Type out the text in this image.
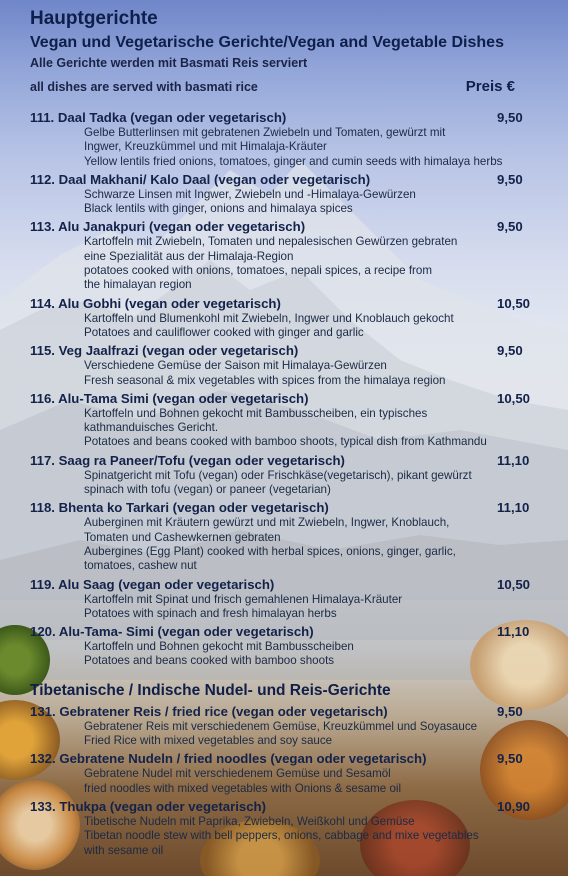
Hauptgerichte
Vegan und Vegetarische Gerichte/Vegan and Vegetable Dishes
Alle Gerichte werden mit Basmati Reis serviert
all dishes are served with basmati rice	Preis €
111. Daal Tadka (vegan oder vegetarisch)	9,50
Gelbe Butterlinsen mit gebratenen Zwiebeln und Tomaten, gewürzt mit
Ingwer, Kreuzkümmel und mit Himalaja-Kräuter
Yellow lentils fried onions, tomatoes, ginger and cumin seeds with himalaya herbs
112. Daal Makhani/ Kalo Daal (vegan oder vegetarisch)	9,50
Schwarze Linsen mit Ingwer, Zwiebeln und -Himalaya-Gewürzen
Black lentils with ginger, onions and himalaya spices
113. Alu Janakpuri (vegan oder vegetarisch)	9,50
Kartoffeln mit Zwiebeln, Tomaten und nepalesischen Gewürzen gebraten
eine Spezialität aus der Himalaja-Region
potatoes cooked with onions, tomatoes, nepali spices, a recipe from
the himalayan region
114. Alu Gobhi (vegan oder vegetarisch)	10,50
Kartoffeln und Blumenkohl mit Zwiebeln, Ingwer und Knoblauch gekocht
Potatoes and cauliflower cooked with ginger and garlic
115. Veg Jaalfrazi (vegan oder vegetarisch)	9,50
Verschiedene Gemüse der Saison mit Himalaya-Gewürzen
Fresh seasonal & mix vegetables with spices from the himalaya region
116. Alu-Tama Simi (vegan oder vegetarisch)	10,50
Kartoffeln und Bohnen gekocht mit Bambusscheiben, ein typisches
kathmanduisches Gericht.
Potatoes and beans cooked with bamboo shoots, typical dish from Kathmandu
117. Saag ra Paneer/Tofu (vegan oder vegetarisch)	11,10
Spinatgericht mit Tofu (vegan) oder Frischkäse(vegetarisch), pikant gewürzt
spinach with tofu (vegan) or paneer (vegetarian)
118. Bhenta ko Tarkari (vegan oder vegetarisch)	11,10
Auberginen mit Kräutern gewürzt und mit Zwiebeln, Ingwer, Knoblauch,
Tomaten und Cashewkernen gebraten
Aubergines (Egg Plant) cooked with herbal spices, onions, ginger, garlic,
tomatoes, cashew nut
119. Alu Saag (vegan oder vegetarisch)	10,50
Kartoffeln mit Spinat und frisch gemahlenen Himalaya-Kräuter
Potatoes with spinach and fresh himalayan herbs
120. Alu-Tama- Simi (vegan oder vegetarisch)	11,10
Kartoffeln und Bohnen gekocht mit Bambusscheiben
Potatoes and beans cooked with bamboo shoots
Tibetanische / Indische Nudel- und Reis-Gerichte
131. Gebratener Reis / fried rice (vegan oder vegetarisch)	9,50
Gebratener Reis mit verschiedenem Gemüse, Kreuzkümmel und Soyasauce
Fried Rice with mixed vegetables and soy sauce
132. Gebratene Nudeln / fried noodles (vegan oder vegetarisch)	9,50
Gebratene Nudel mit verschiedenem Gemüse und Sesamöl
fried noodles with mixed vegetables with Onions & sesame oil
133. Thukpa (vegan oder vegetarisch)	10,90
Tibetische Nudeln mit Paprika, Zwiebeln, Weißkohl und Gemüse
Tibetan noodle stew with bell peppers, onions, cabbage and mixe vegetables
with sesame oil
